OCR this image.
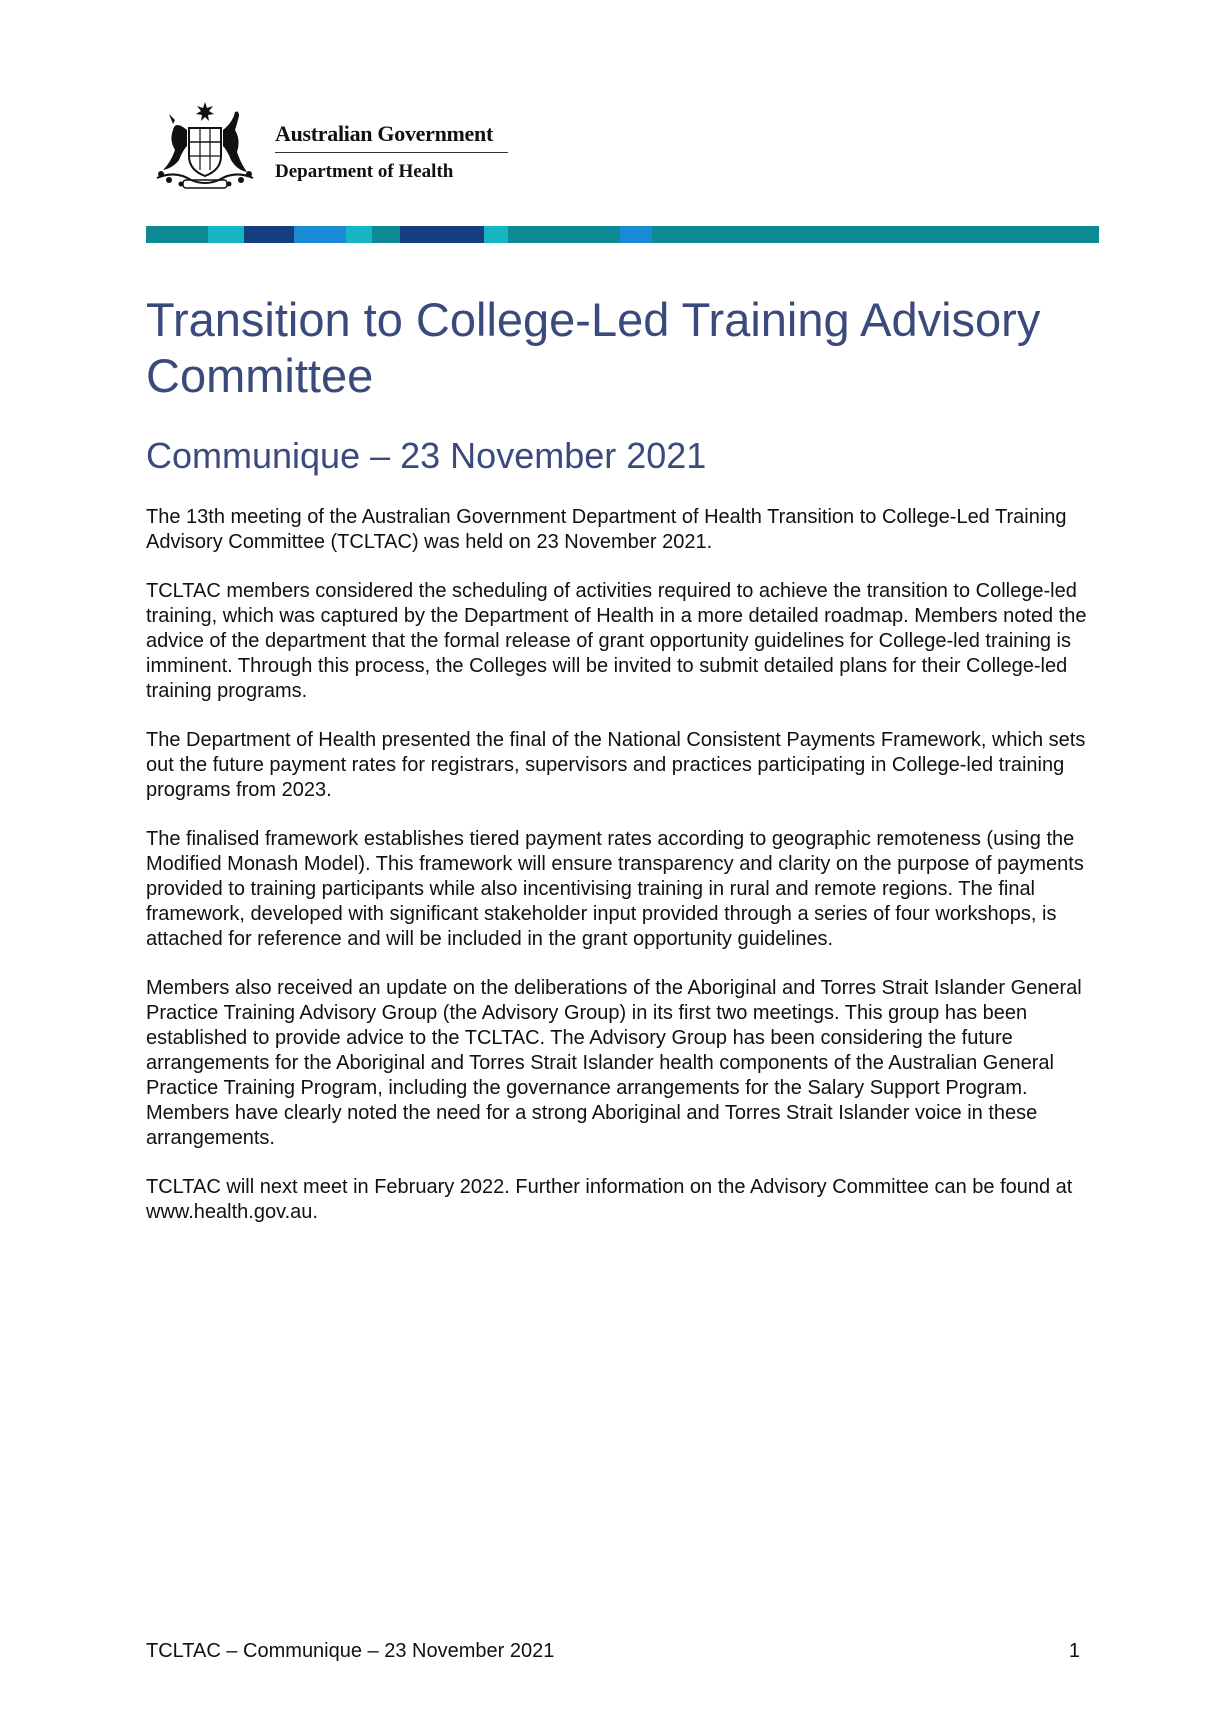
Australian Government
Department of Health
Transition to College-Led Training Advisory Committee
Communique – 23 November 2021

The 13th meeting of the Australian Government Department of Health Transition to College-Led Training Advisory Committee (TCLTAC) was held on 23 November 2021.

TCLTAC members considered the scheduling of activities required to achieve the transition to College-led training, which was captured by the Department of Health in a more detailed roadmap. Members noted the advice of the department that the formal release of grant opportunity guidelines for College-led training is imminent. Through this process, the Colleges will be invited to submit detailed plans for their College-led training programs.

The Department of Health presented the final of the National Consistent Payments Framework, which sets out the future payment rates for registrars, supervisors and practices participating in College-led training programs from 2023.

The finalised framework establishes tiered payment rates according to geographic remoteness (using the Modified Monash Model). This framework will ensure transparency and clarity on the purpose of payments provided to training participants while also incentivising training in rural and remote regions. The final framework, developed with significant stakeholder input provided through a series of four workshops, is attached for reference and will be included in the grant opportunity guidelines.

Members also received an update on the deliberations of the Aboriginal and Torres Strait Islander General Practice Training Advisory Group (the Advisory Group) in its first two meetings. This group has been established to provide advice to the TCLTAC. The Advisory Group has been considering the future arrangements for the Aboriginal and Torres Strait Islander health components of the Australian General Practice Training Program, including the governance arrangements for the Salary Support Program. Members have clearly noted the need for a strong Aboriginal and Torres Strait Islander voice in these arrangements.

TCLTAC will next meet in February 2022. Further information on the Advisory Committee can be found at www.health.gov.au.

TCLTAC – Communique – 23 November 2021	1
